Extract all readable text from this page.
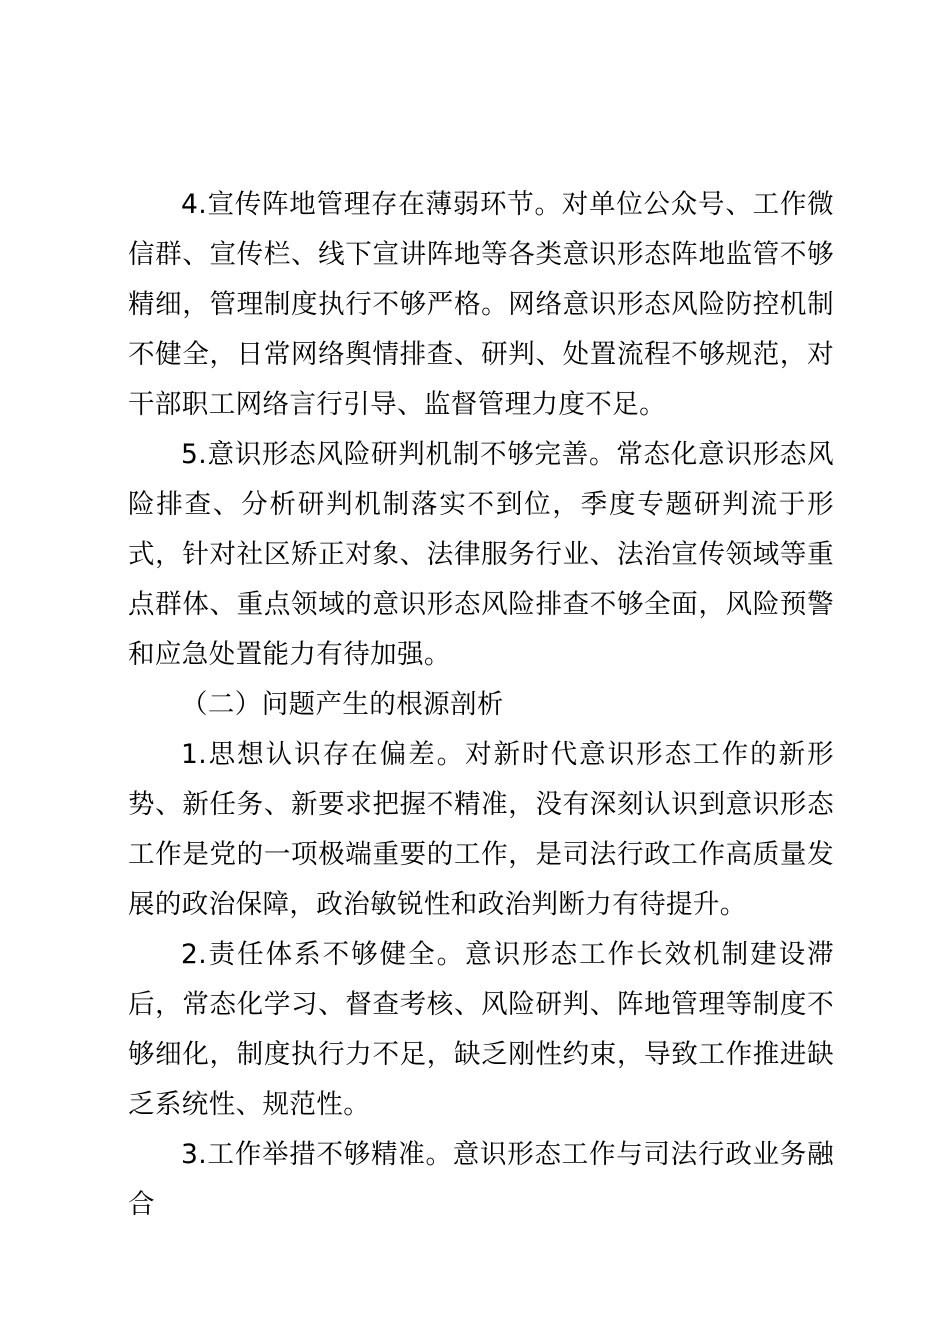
4.宣传阵地管理存在薄弱环节。对单位公众号、工作微信群、宣传栏、线下宣讲阵地等各类意识形态阵地监管不够精细，管理制度执行不够严格。网络意识形态风险防控机制不健全，日常网络舆情排查、研判、处置流程不够规范，对干部职工网络言行引导、监督管理力度不足。

5.意识形态风险研判机制不够完善。常态化意识形态风险排查、分析研判机制落实不到位，季度专题研判流于形式，针对社区矫正对象、法律服务行业、法治宣传领域等重点群体、重点领域的意识形态风险排查不够全面，风险预警和应急处置能力有待加强。

（二）问题产生的根源剖析

1.思想认识存在偏差。对新时代意识形态工作的新形势、新任务、新要求把握不精准，没有深刻认识到意识形态工作是党的一项极端重要的工作，是司法行政工作高质量发展的政治保障，政治敏锐性和政治判断力有待提升。

2.责任体系不够健全。意识形态工作长效机制建设滞后，常态化学习、督查考核、风险研判、阵地管理等制度不够细化，制度执行力不足，缺乏刚性约束，导致工作推进缺乏系统性、规范性。

3.工作举措不够精准。意识形态工作与司法行政业务融合
